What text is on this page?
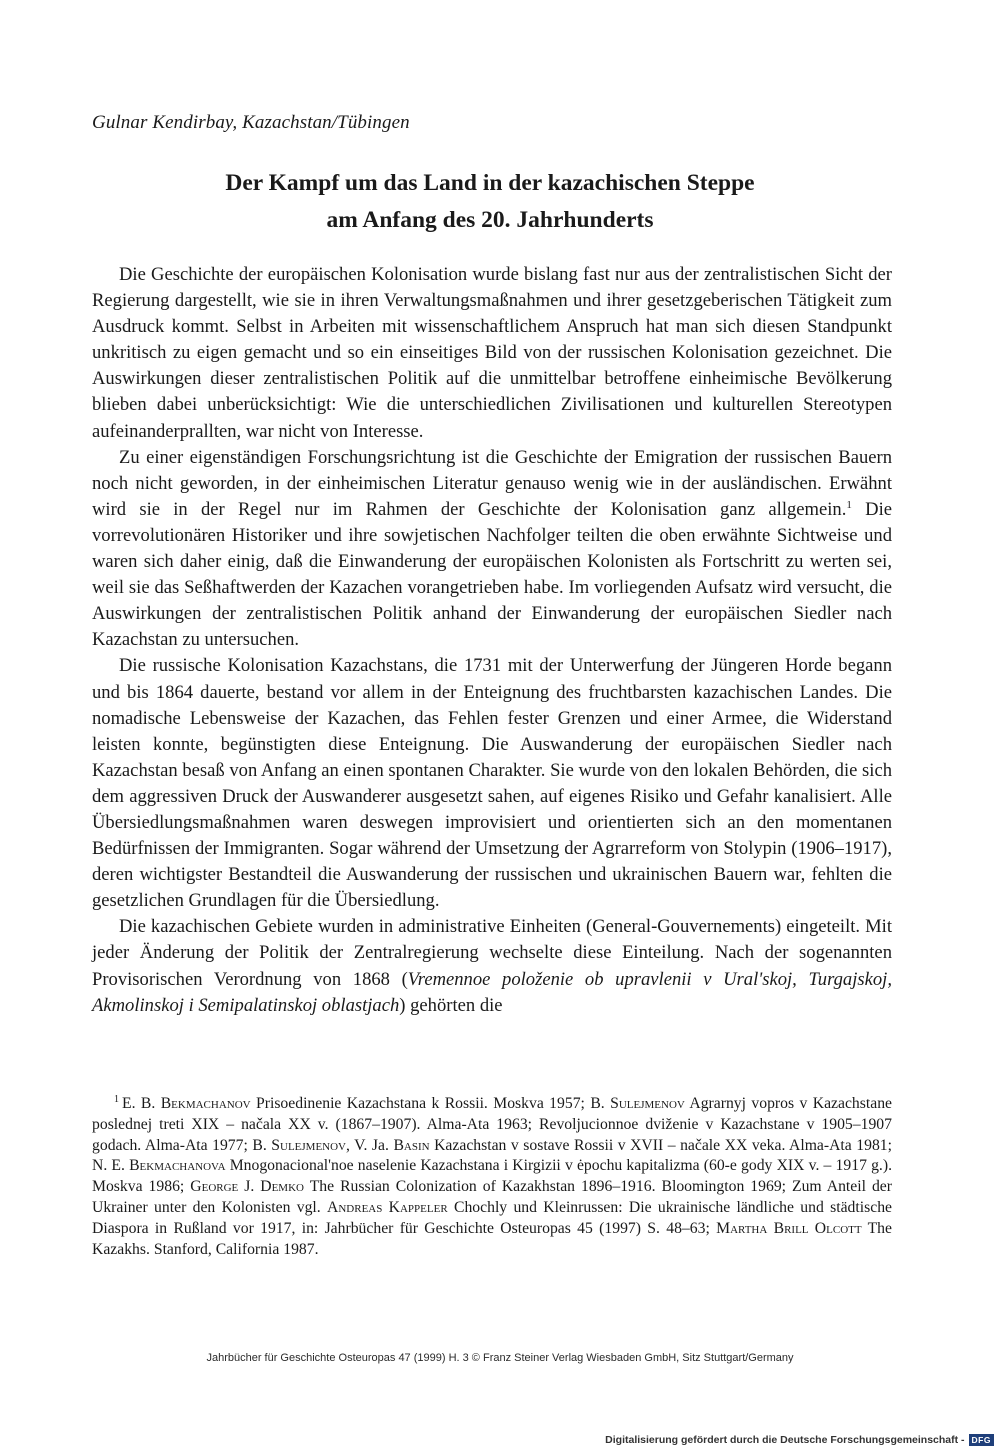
Gulnar Kendirbay, Kazachstan/Tübingen
Der Kampf um das Land in der kazachischen Steppe
am Anfang des 20. Jahrhunderts

Die Geschichte der europäischen Kolonisation wurde bislang fast nur aus der zentralistischen Sicht der Regierung dargestellt, wie sie in ihren Verwaltungsmaßnahmen und ihrer gesetzgeberischen Tätigkeit zum Ausdruck kommt. Selbst in Arbeiten mit wissenschaftlichem Anspruch hat man sich diesen Standpunkt unkritisch zu eigen gemacht und so ein einseitiges Bild von der russischen Kolonisation gezeichnet. Die Auswirkungen dieser zentralistischen Politik auf die unmittelbar betroffene einheimische Bevölkerung blieben dabei unberücksichtigt: Wie die unterschiedlichen Zivilisationen und kulturellen Stereotypen aufeinanderprallten, war nicht von Interesse.

Zu einer eigenständigen Forschungsrichtung ist die Geschichte der Emigration der russischen Bauern noch nicht geworden, in der einheimischen Literatur genauso wenig wie in der ausländischen. Erwähnt wird sie in der Regel nur im Rahmen der Geschichte der Kolonisation ganz allgemein.$^1$ Die vorrevolutionären Historiker und ihre sowjetischen Nachfolger teilten die oben erwähnte Sichtweise und waren sich daher einig, daß die Einwanderung der europäischen Kolonisten als Fortschritt zu werten sei, weil sie das Seßhaftwerden der Kazachen vorangetrieben habe. Im vorliegenden Aufsatz wird versucht, die Auswirkungen der zentralistischen Politik anhand der Einwanderung der europäischen Siedler nach Kazachstan zu untersuchen.

Die russische Kolonisation Kazachstans, die 1731 mit der Unterwerfung der Jüngeren Horde begann und bis 1864 dauerte, bestand vor allem in der Enteignung des fruchtbarsten kazachischen Landes. Die nomadische Lebensweise der Kazachen, das Fehlen fester Grenzen und einer Armee, die Widerstand leisten konnte, begünstigten diese Enteignung. Die Auswanderung der europäischen Siedler nach Kazachstan besaß von Anfang an einen spontanen Charakter. Sie wurde von den lokalen Behörden, die sich dem aggressiven Druck der Auswanderer ausgesetzt sahen, auf eigenes Risiko und Gefahr kanalisiert. Alle Übersiedlungsmaßnahmen waren deswegen improvisiert und orientierten sich an den momentanen Bedürfnissen der Immigranten. Sogar während der Umsetzung der Agrarreform von Stolypin (1906–1917), deren wichtigster Bestandteil die Auswanderung der russischen und ukrainischen Bauern war, fehlten die gesetzlichen Grundlagen für die Übersiedlung.

Die kazachischen Gebiete wurden in administrative Einheiten (General-Gouvernements) eingeteilt. Mit jeder Änderung der Politik der Zentralregierung wechselte diese Einteilung. Nach der sogenannten Provisorischen Verordnung von 1868 (Vremennoe položenie ob upravlenii v Ural'skoj, Turgajskoj, Akmolinskoj i Semipalatinskoj oblastjach) gehörten die

$^1$ E. B. Bekmachanov Prisoedinenie Kazachstana k Rossii. Moskva 1957; B. Sulejmenov Agrarnyj vopros v Kazachstane poslednej treti XIX – načala XX v. (1867–1907). Alma-Ata 1963; Revoljucionnoe dviženie v Kazachstane v 1905–1907 godach. Alma-Ata 1977; B. Sulejmenov, V. Ja. Basin Kazachstan v sostave Rossii v XVII – načale XX veka. Alma-Ata 1981; N. E. Bekmachanova Mnogonacional'noe naselenie Kazachstana i Kirgizii v ėpochu kapitalizma (60-e gody XIX v. – 1917 g.). Moskva 1986; George J. Demko The Russian Colonization of Kazakhstan 1896–1916. Bloomington 1969; Zum Anteil der Ukrainer unter den Kolonisten vgl. Andreas Kappeler Chochly und Kleinrussen: Die ukrainische ländliche und städtische Diaspora in Rußland vor 1917, in: Jahrbücher für Geschichte Osteuropas 45 (1997) S. 48–63; Martha Brill Olcott The Kazakhs. Stanford, California 1987.

Jahrbücher für Geschichte Osteuropas 47 (1999) H. 3 © Franz Steiner Verlag Wiesbaden GmbH, Sitz Stuttgart/Germany
Digitalisierung gefördert durch die Deutsche Forschungsgemeinschaft - DFG
